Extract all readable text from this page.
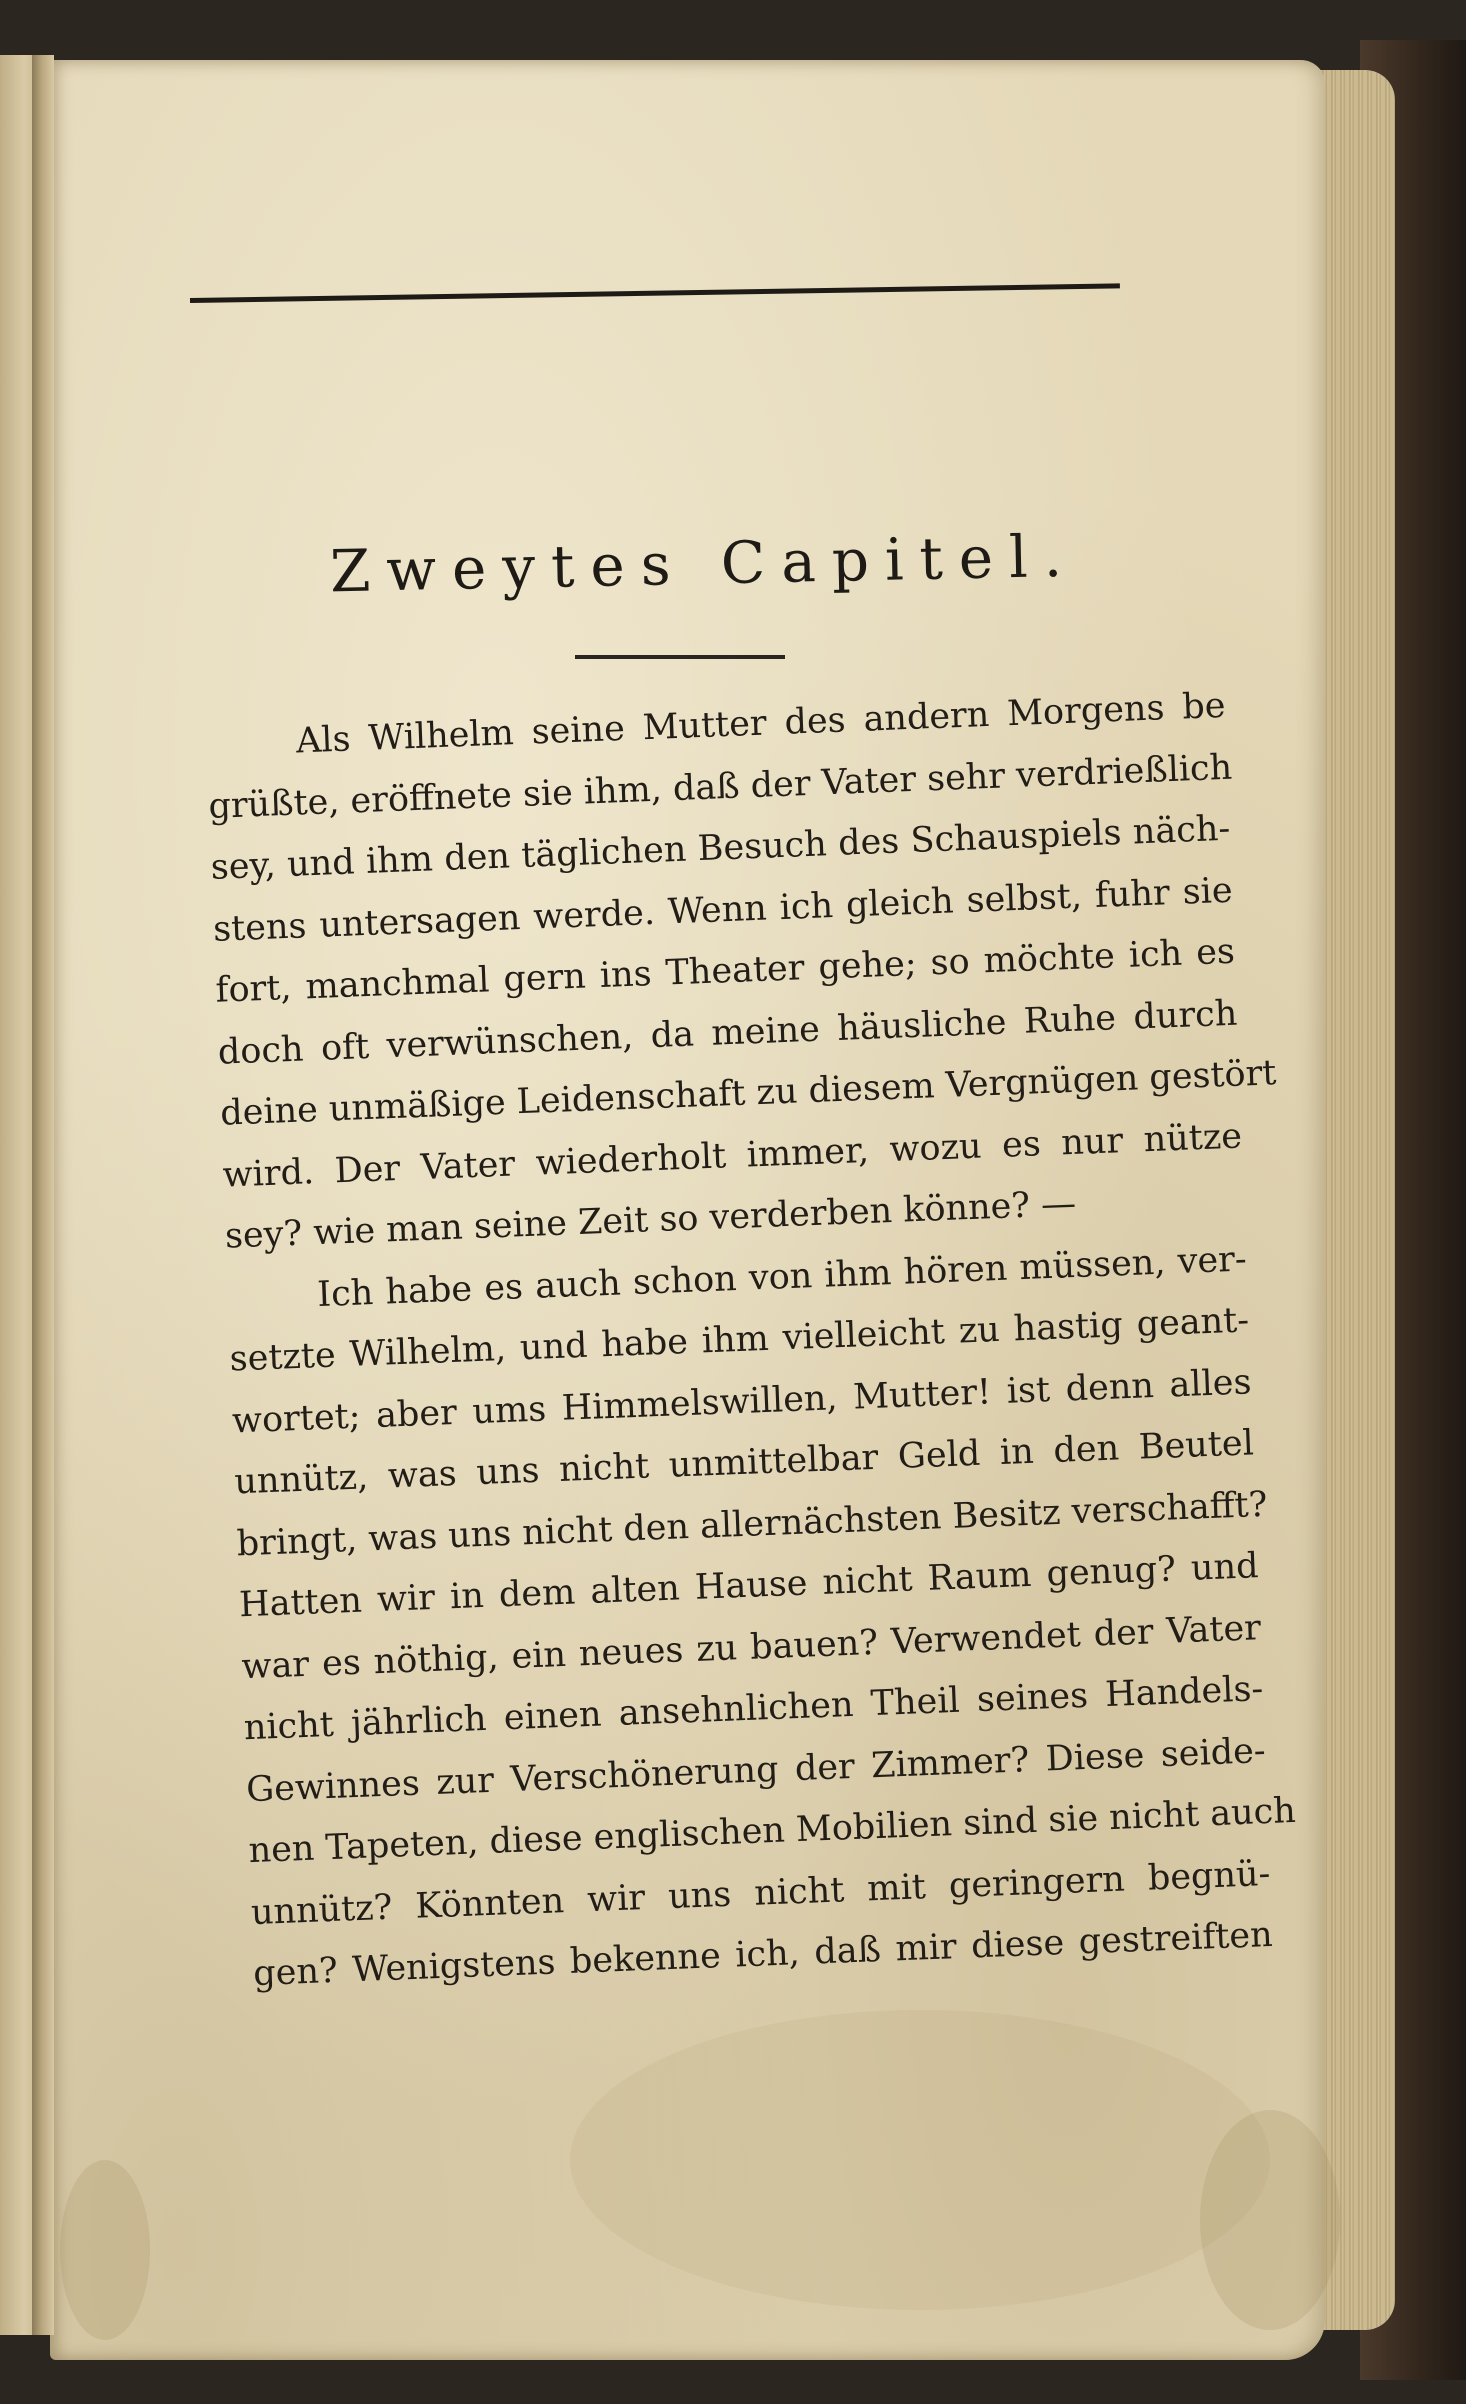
Zweytes Capitel.
Als Wilhelm seine Mutter des andern Morgens be
grüßte, eröffnete sie ihm, daß der Vater sehr verdrießlich
sey, und ihm den täglichen Besuch des Schauspiels näch-
stens untersagen werde. Wenn ich gleich selbst, fuhr sie
fort, manchmal gern ins Theater gehe; so möchte ich es
doch oft verwünschen, da meine häusliche Ruhe durch
deine unmäßige Leidenschaft zu diesem Vergnügen gestört
wird. Der Vater wiederholt immer, wozu es nur nütze
sey? wie man seine Zeit so verderben könne? —
Ich habe es auch schon von ihm hören müssen, ver-
setzte Wilhelm, und habe ihm vielleicht zu hastig geant-
wortet; aber ums Himmelswillen, Mutter! ist denn alles
unnütz, was uns nicht unmittelbar Geld in den Beutel
bringt, was uns nicht den allernächsten Besitz verschafft?
Hatten wir in dem alten Hause nicht Raum genug? und
war es nöthig, ein neues zu bauen? Verwendet der Vater
nicht jährlich einen ansehnlichen Theil seines Handels-
Gewinnes zur Verschönerung der Zimmer? Diese seide-
nen Tapeten, diese englischen Mobilien sind sie nicht auch
unnütz? Könnten wir uns nicht mit geringern begnü-
gen? Wenigstens bekenne ich, daß mir diese gestreiften
